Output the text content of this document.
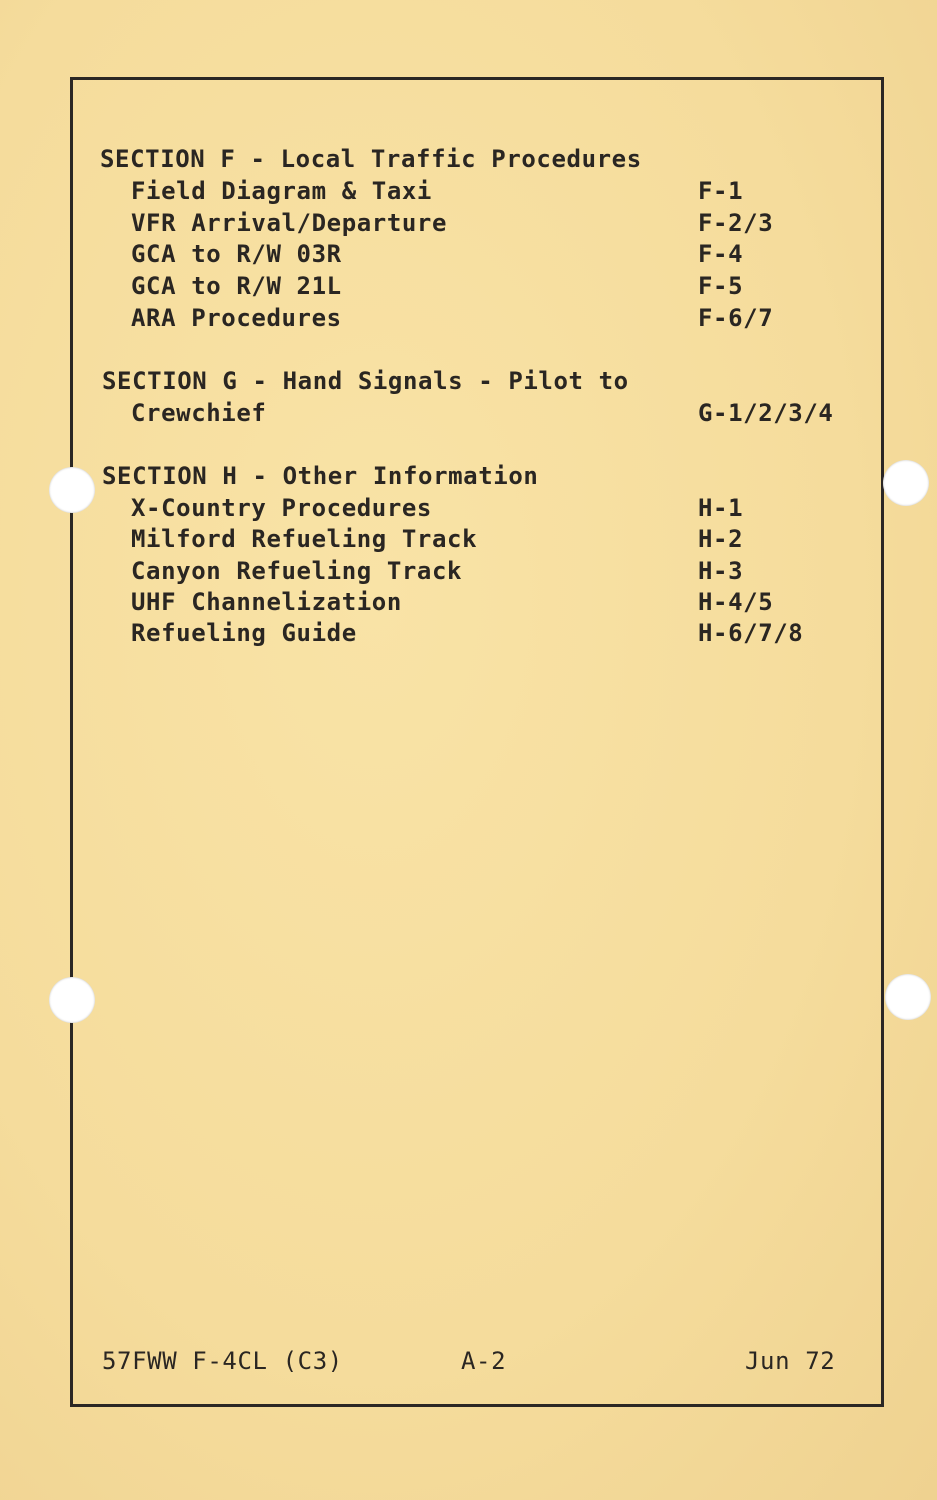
SECTION F - Local Traffic Procedures
Field Diagram & Taxi	F-1
VFR Arrival/Departure	F-2/3
GCA to R/W 03R	F-4
GCA to R/W 21L	F-5
ARA Procedures	F-6/7
SECTION G - Hand Signals - Pilot to
Crewchief	G-1/2/3/4
SECTION H - Other Information
X-Country Procedures	H-1
Milford Refueling Track	H-2
Canyon Refueling Track	H-3
UHF Channelization	H-4/5
Refueling Guide	H-6/7/8
57FWW F-4CL (C3)	A-2	Jun 72
